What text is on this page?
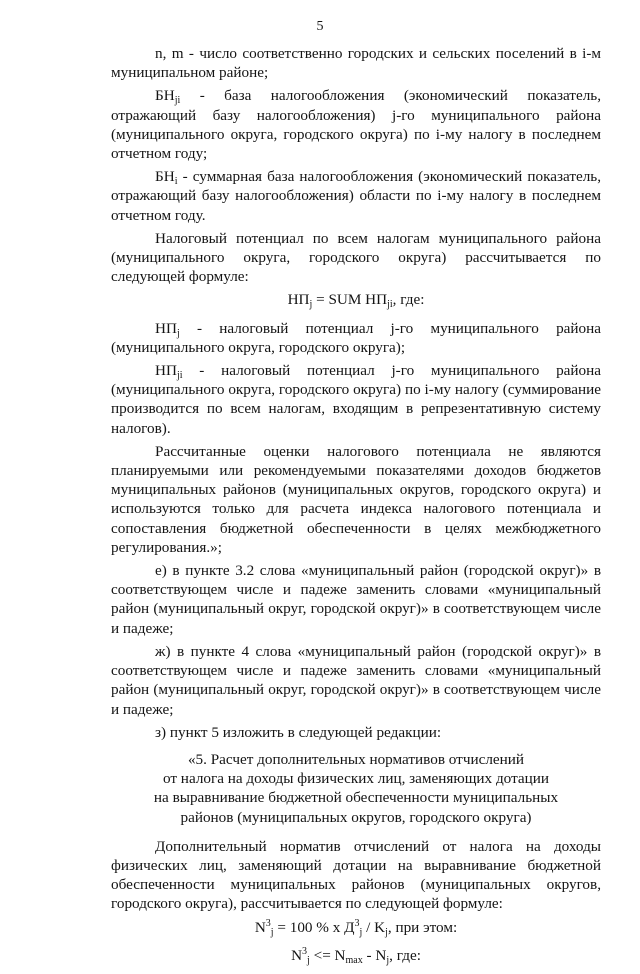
5

n, m - число соответственно городских и сельских поселений в i-м муниципальном районе;

$БН_{ji}$ - база налогообложения (экономический показатель, отражающий базу налогообложения) j-го муниципального района (муниципального округа, городского округа) по i-му налогу в последнем отчетном году;

$БН_i$ - суммарная база налогообложения (экономический показатель, отражающий базу налогообложения) области по i-му налогу в последнем отчетном году.

Налоговый потенциал по всем налогам муниципального района (муниципального округа, городского округа) рассчитывается по следующей формуле:

$НП_j$ = SUM $НП_{ji}$, где:

$НП_j$ - налоговый потенциал j-го муниципального района (муниципального округа, городского округа);

$НП_{ji}$ - налоговый потенциал j-го муниципального района (муниципального округа, городского округа) по i-му налогу (суммирование производится по всем налогам, входящим в репрезентативную систему налогов).

Рассчитанные оценки налогового потенциала не являются планируемыми или рекомендуемыми показателями доходов бюджетов муниципальных районов (муниципальных округов, городского округа) и используются только для расчета индекса налогового потенциала и сопоставления бюджетной обеспеченности в целях межбюджетного регулирования.»;

е) в пункте 3.2 слова «муниципальный район (городской округ)» в соответствующем числе и падеже заменить словами «муниципальный район (муниципальный округ, городской округ)» в соответствующем числе и падеже;

ж) в пункте 4 слова «муниципальный район (городской округ)» в соответствующем числе и падеже заменить словами «муниципальный район (муниципальный округ, городской округ)» в соответствующем числе и падеже;

з) пункт 5 изложить в следующей редакции:

«5. Расчет дополнительных нормативов отчислений
от налога на доходы физических лиц, заменяющих дотации
на выравнивание бюджетной обеспеченности муниципальных
районов (муниципальных округов, городского округа)

Дополнительный норматив отчислений от налога на доходы физических лиц, заменяющий дотации на выравнивание бюджетной обеспеченности муниципальных районов (муниципальных округов, городского округа), рассчитывается по следующей формуле:

$N^3_j = 100$ % x $Д^3_j / K_j$, при этом:

$N^3_j <= N_{max} - N_j$, где:
